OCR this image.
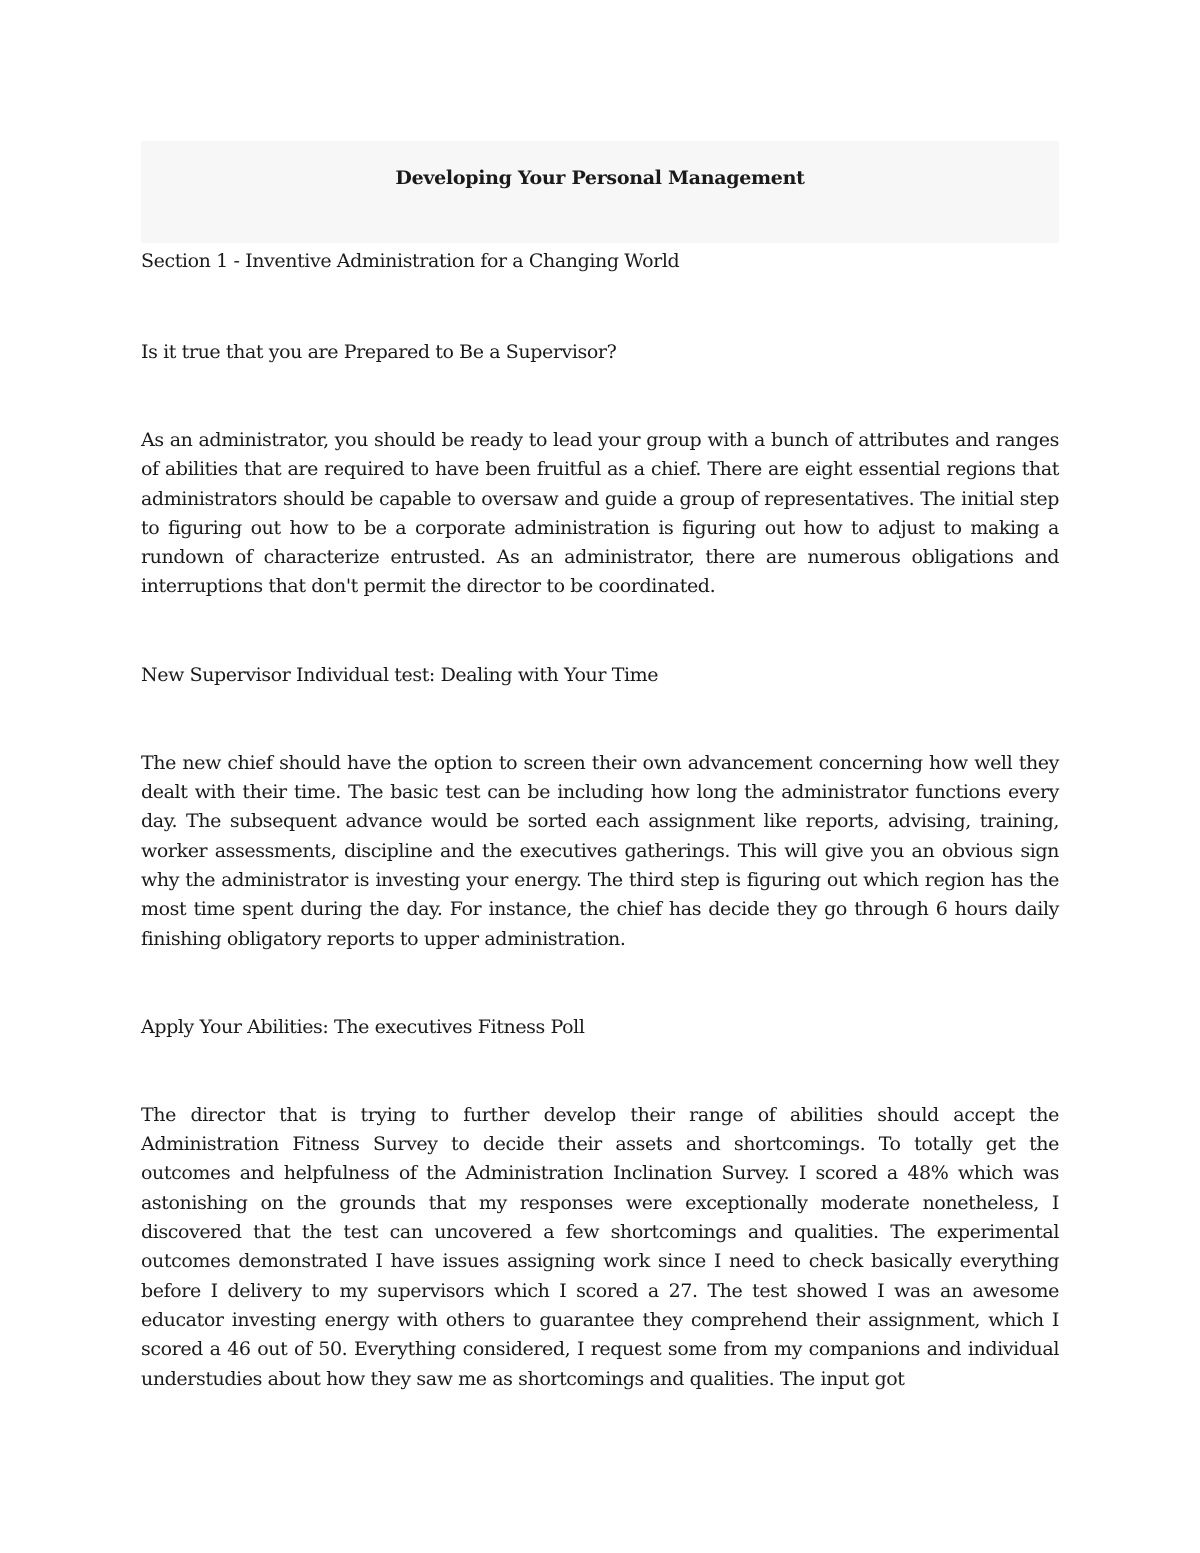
Developing Your Personal Management

Section 1 - Inventive Administration for a Changing World

Is it true that you are Prepared to Be a Supervisor?

As an administrator, you should be ready to lead your group with a bunch of attributes and ranges of abilities that are required to have been fruitful as a chief. There are eight essential regions that administrators should be capable to oversaw and guide a group of representatives. The initial step to figuring out how to be a corporate administration is figuring out how to adjust to making a rundown of characterize entrusted. As an administrator, there are numerous obligations and interruptions that don't permit the director to be coordinated.

New Supervisor Individual test: Dealing with Your Time

The new chief should have the option to screen their own advancement concerning how well they dealt with their time. The basic test can be including how long the administrator functions every day. The subsequent advance would be sorted each assignment like reports, advising, training, worker assessments, discipline and the executives gatherings. This will give you an obvious sign why the administrator is investing your energy. The third step is figuring out which region has the most time spent during the day. For instance, the chief has decide they go through 6 hours daily finishing obligatory reports to upper administration.

Apply Your Abilities: The executives Fitness Poll

The director that is trying to further develop their range of abilities should accept the Administration Fitness Survey to decide their assets and shortcomings. To totally get the outcomes and helpfulness of the Administration Inclination Survey. I scored a 48% which was astonishing on the grounds that my responses were exceptionally moderate nonetheless, I discovered that the test can uncovered a few shortcomings and qualities. The experimental outcomes demonstrated I have issues assigning work since I need to check basically everything before I delivery to my supervisors which I scored a 27. The test showed I was an awesome educator investing energy with others to guarantee they comprehend their assignment, which I scored a 46 out of 50. Everything considered, I request some from my companions and individual understudies about how they saw me as shortcomings and qualities. The input got
